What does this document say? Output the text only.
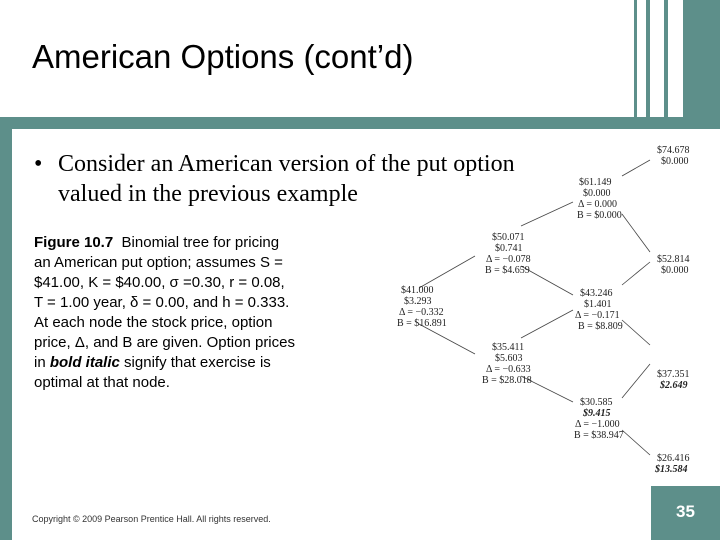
American Options (cont’d)
• Consider an American version of the put option valued in the previous example
Figure 10.7 Binomial tree for pricing an American put option; assumes S = $41.00, K = $40.00, σ =0.30, r = 0.08, T = 1.00 year, δ = 0.00, and h = 0.333. At each node the stock price, option price, Δ, and B are given. Option prices in bold italic signify that exercise is optimal at that node.
$41.000
$3.293
Δ = −0.332
B = $16.891
$50.071
$0.741
Δ = −0.078
B = $4.659
$35.411
$5.603
Δ = −0.633
B = $28.018
$61.149
$0.000
Δ = 0.000
B = $0.000
$43.246
$1.401
Δ = −0.171
B = $8.809
$30.585
$9.415
Δ = −1.000
B = $38.947
$74.678
$0.000
$52.814
$0.000
$37.351
$2.649
$26.416
$13.584
Copyright © 2009 Pearson Prentice Hall. All rights reserved.	35
